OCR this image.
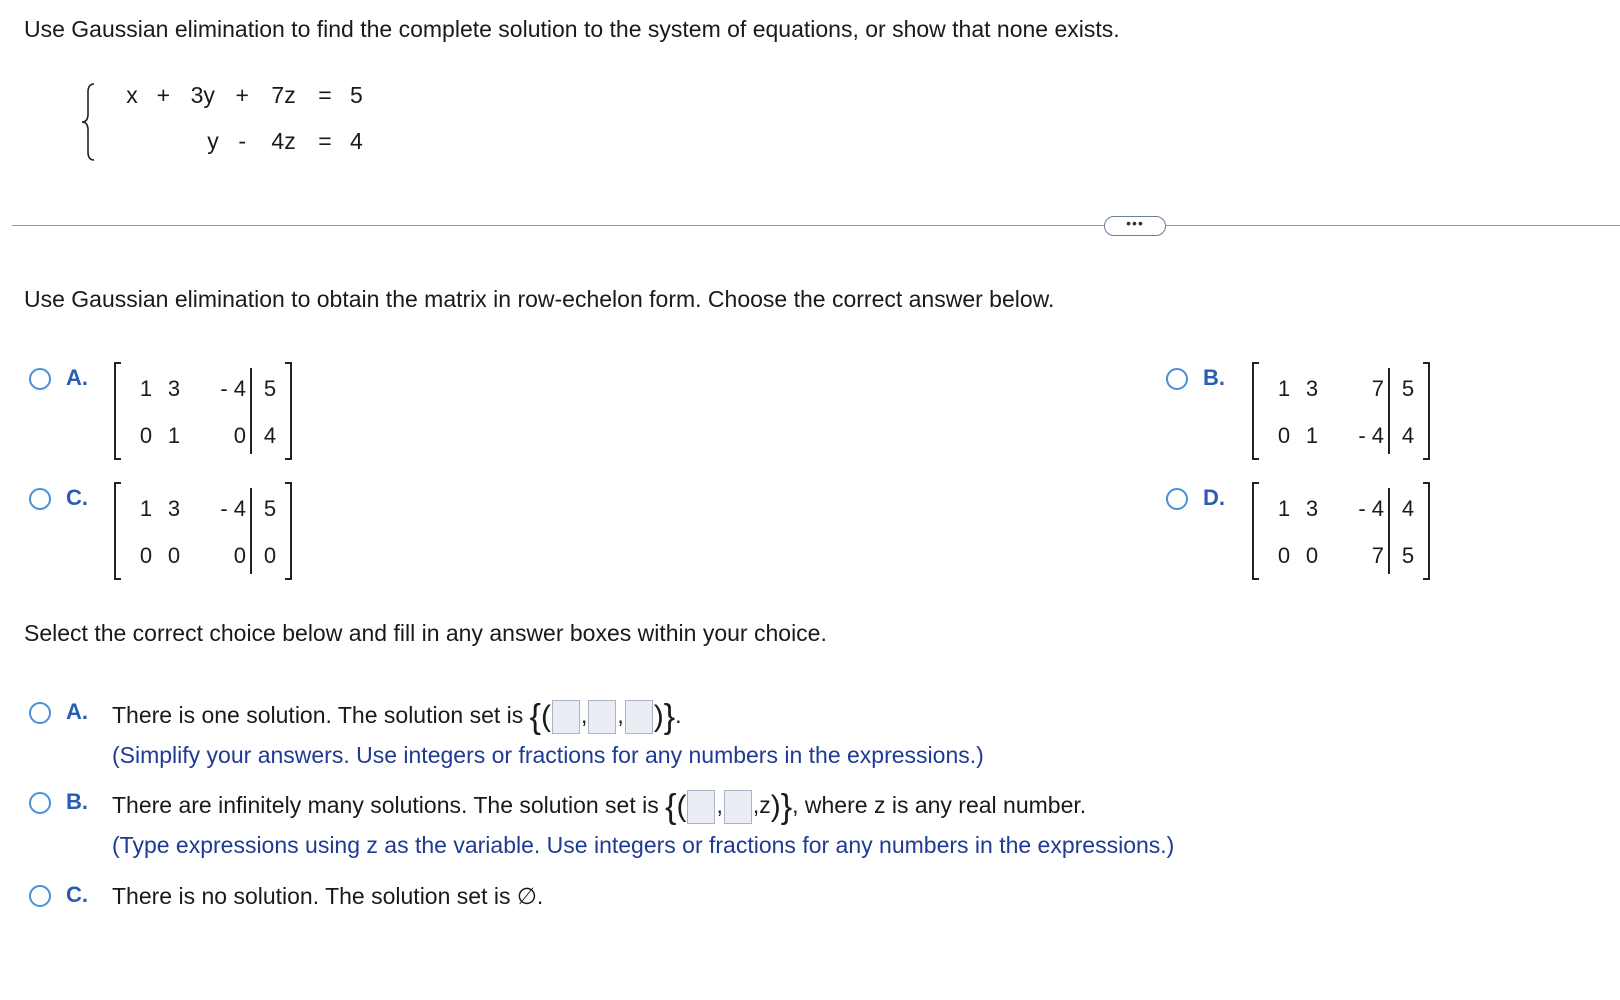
Use Gaussian elimination to find the complete solution to the system of equations, or show that none exists.
x + 3y + 7z = 5
y - 4z = 4
•••
Use Gaussian elimination to obtain the matrix in row-echelon form. Choose the correct answer below.
A.	1 3	- 4 5
0 1	0 4
B.	1 3	7 5
0 1	- 4 4
C.	1 3	- 4 5
0 0	0 0
D.	1 3	- 4 4
0 0	7 5
Select the correct choice below and fill in any answer boxes within your choice.
A. There is one solution. The solution set is {( , , )}.
(Simplify your answers. Use integers or fractions for any numbers in the expressions.)
B. There are infinitely many solutions. The solution set is {( , ,z)}, where z is any real number.
(Type expressions using z as the variable. Use integers or fractions for any numbers in the expressions.)
C. There is no solution. The solution set is ∅.
